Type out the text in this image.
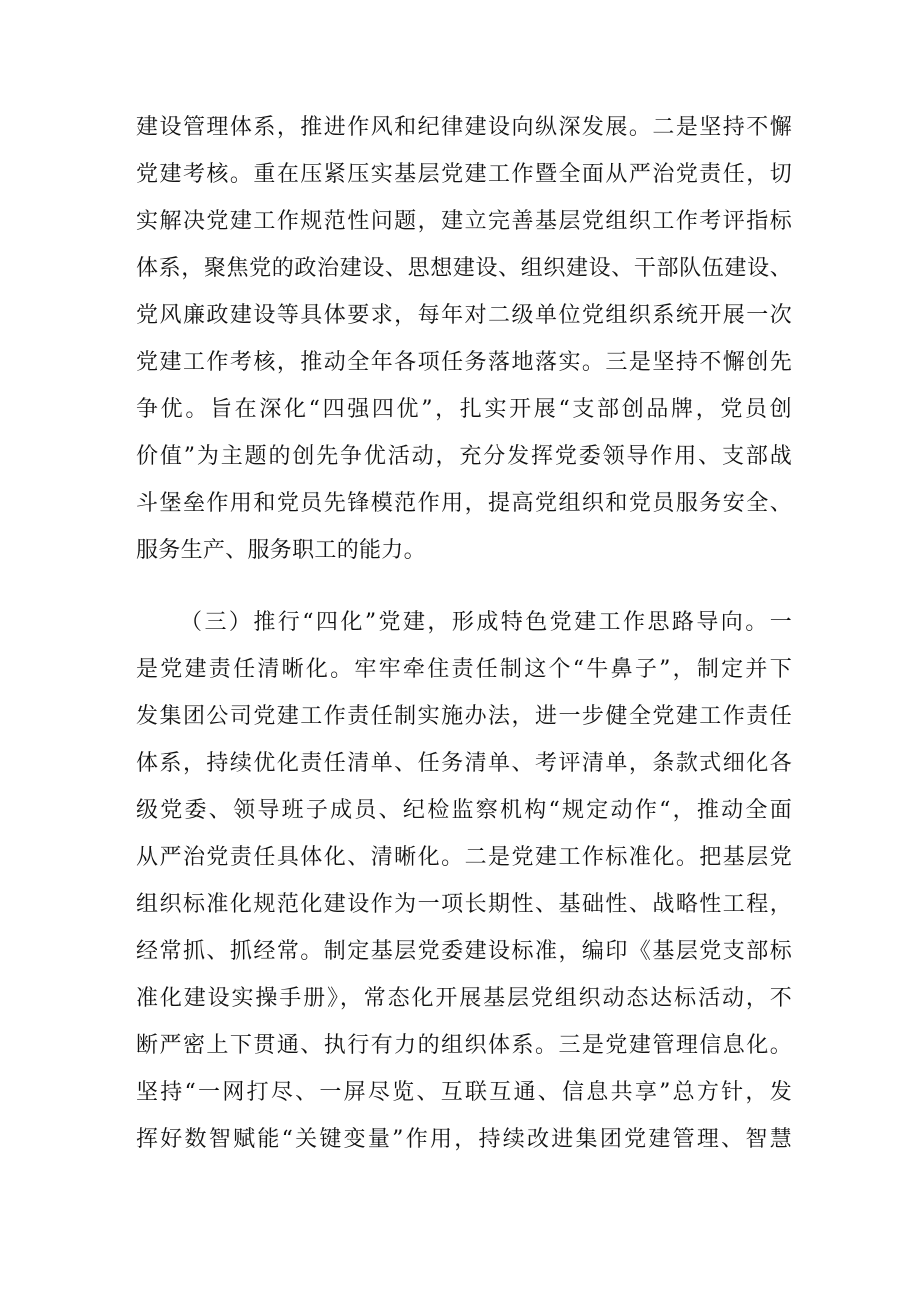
建设管理体系，推进作风和纪律建设向纵深发展。二是坚持不懈
党建考核。重在压紧压实基层党建工作暨全面从严治党责任，切
实解决党建工作规范性问题，建立完善基层党组织工作考评指标
体系，聚焦党的政治建设、思想建设、组织建设、干部队伍建设、
党风廉政建设等具体要求，每年对二级单位党组织系统开展一次
党建工作考核，推动全年各项任务落地落实。三是坚持不懈创先
争优。旨在深化“四强四优”，扎实开展“支部创品牌，党员创
价值”为主题的创先争优活动，充分发挥党委领导作用、支部战
斗堡垒作用和党员先锋模范作用，提高党组织和党员服务安全、
服务生产、服务职工的能力。
（三）推行“四化”党建，形成特色党建工作思路导向。一
是党建责任清晰化。牢牢牵住责任制这个“牛鼻子”，制定并下
发集团公司党建工作责任制实施办法，进一步健全党建工作责任
体系，持续优化责任清单、任务清单、考评清单，条款式细化各
级党委、领导班子成员、纪检监察机构“规定动作“，推动全面
从严治党责任具体化、清晰化。二是党建工作标准化。把基层党
组织标准化规范化建设作为一项长期性、基础性、战略性工程，
经常抓、抓经常。制定基层党委建设标准，编印《基层党支部标
准化建设实操手册》，常态化开展基层党组织动态达标活动，不
断严密上下贯通、执行有力的组织体系。三是党建管理信息化。
坚持“一网打尽、一屏尽览、互联互通、信息共享”总方针，发
挥好数智赋能“关键变量”作用，持续改进集团党建管理、智慧
